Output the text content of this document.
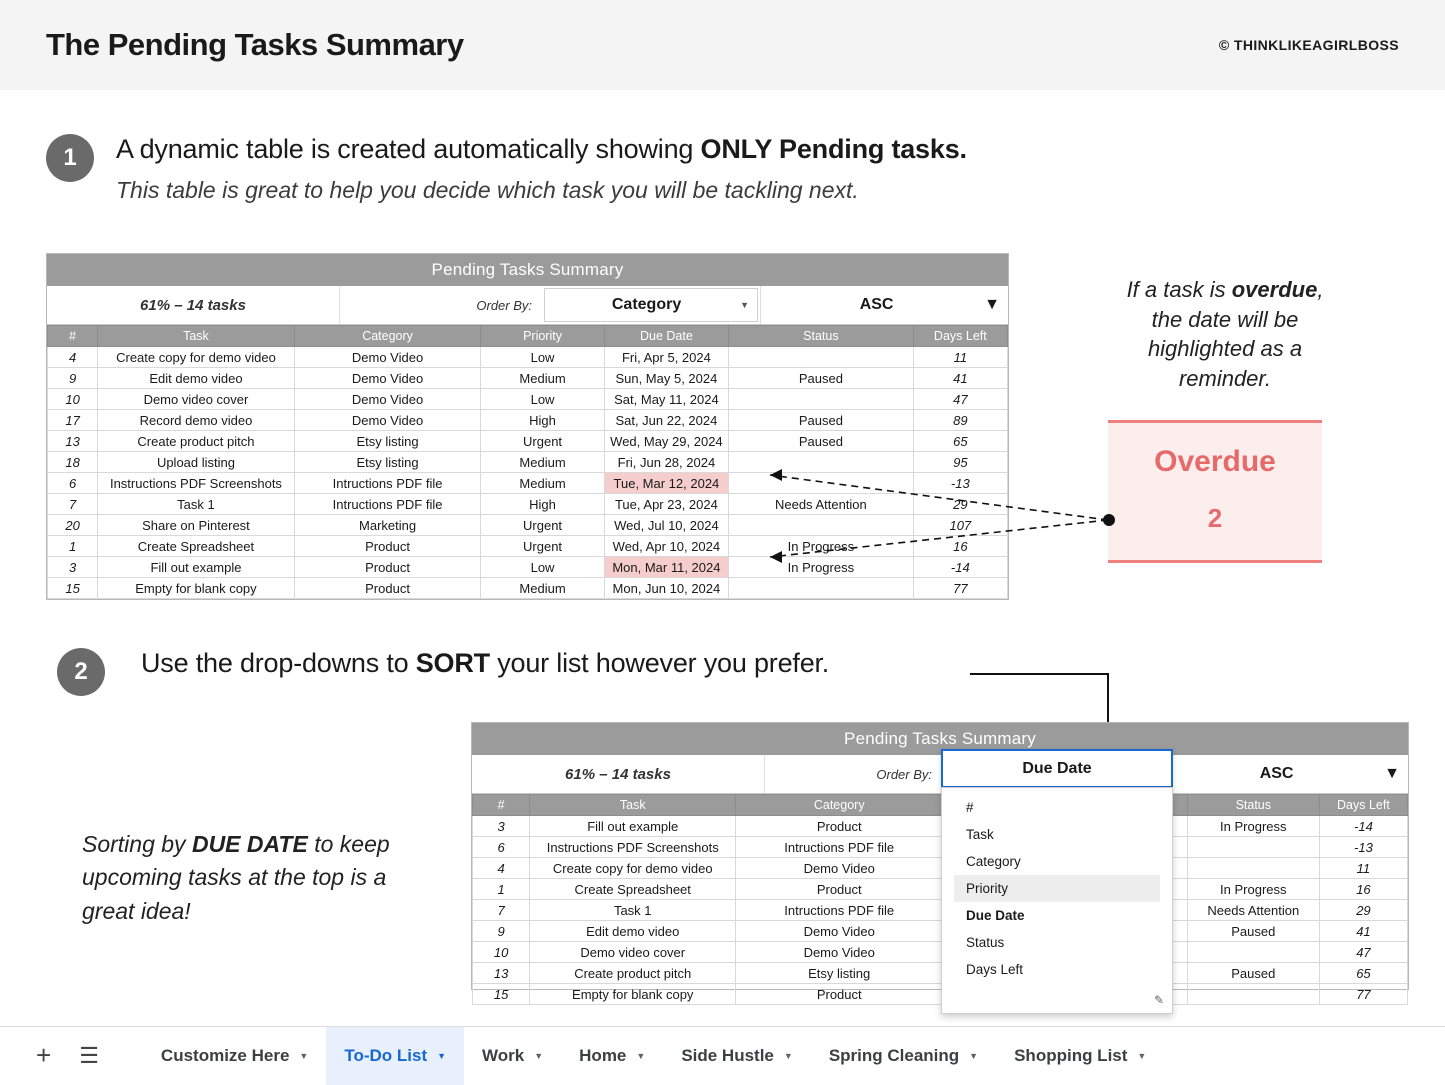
The Pending Tasks Summary	© THINKLIKEAGIRLBOSS
1	A dynamic table is created automatically showing ONLY Pending tasks.
This table is great to help you decide which task you will be tackling next.
Pending Tasks Summary
61% – 14 tasks	Order By:	Category	▼	ASC	▼
#	Task	Category	Priority	Due Date	Status	Days Left
4	Create copy for demo video	Demo Video	Low	Fri, Apr 5, 2024		11
9	Edit demo video	Demo Video	Medium	Sun, May 5, 2024	Paused	41
10	Demo video cover	Demo Video	Low	Sat, May 11, 2024		47
17	Record demo video	Demo Video	High	Sat, Jun 22, 2024	Paused	89
13	Create product pitch	Etsy listing	Urgent	Wed, May 29, 2024	Paused	65
18	Upload listing	Etsy listing	Medium	Fri, Jun 28, 2024		95
6	Instructions PDF Screenshots	Intructions PDF file	Medium	Tue, Mar 12, 2024		-13
7	Task 1	Intructions PDF file	High	Tue, Apr 23, 2024	Needs Attention	29
20	Share on Pinterest	Marketing	Urgent	Wed, Jul 10, 2024		107
1	Create Spreadsheet	Product	Urgent	Wed, Apr 10, 2024	In Progress	16
3	Fill out example	Product	Low	Mon, Mar 11, 2024	In Progress	-14
15	Empty for blank copy	Product	Medium	Mon, Jun 10, 2024		77
If a task is overdue,
the date will be
highlighted as a
reminder.
Overdue
2
2	Use the drop-downs to SORT your list however you prefer.
Sorting by DUE DATE to keep upcoming tasks at the top is a great idea!
Pending Tasks Summary
61% – 14 tasks	Order By:	ASC	▼
#	Task	Category			Status	Days Left
3	Fill out example	Product			In Progress	-14
6	Instructions PDF Screenshots	Intructions PDF file				-13
4	Create copy for demo video	Demo Video				11
1	Create Spreadsheet	Product			In Progress	16
7	Task 1	Intructions PDF file			Needs Attention	29
9	Edit demo video	Demo Video			Paused	41
10	Demo video cover	Demo Video				47
13	Create product pitch	Etsy listing			Paused	65
15	Empty for blank copy	Product				77
Due Date
#
Task
Category
Priority
Due Date
Status
Days Left
✎
+ ☰	Customize Here ▼ To-Do List ▼ Work ▼ Home ▼ Side Hustle ▼ Spring Cleaning ▼ Shopping List ▼
